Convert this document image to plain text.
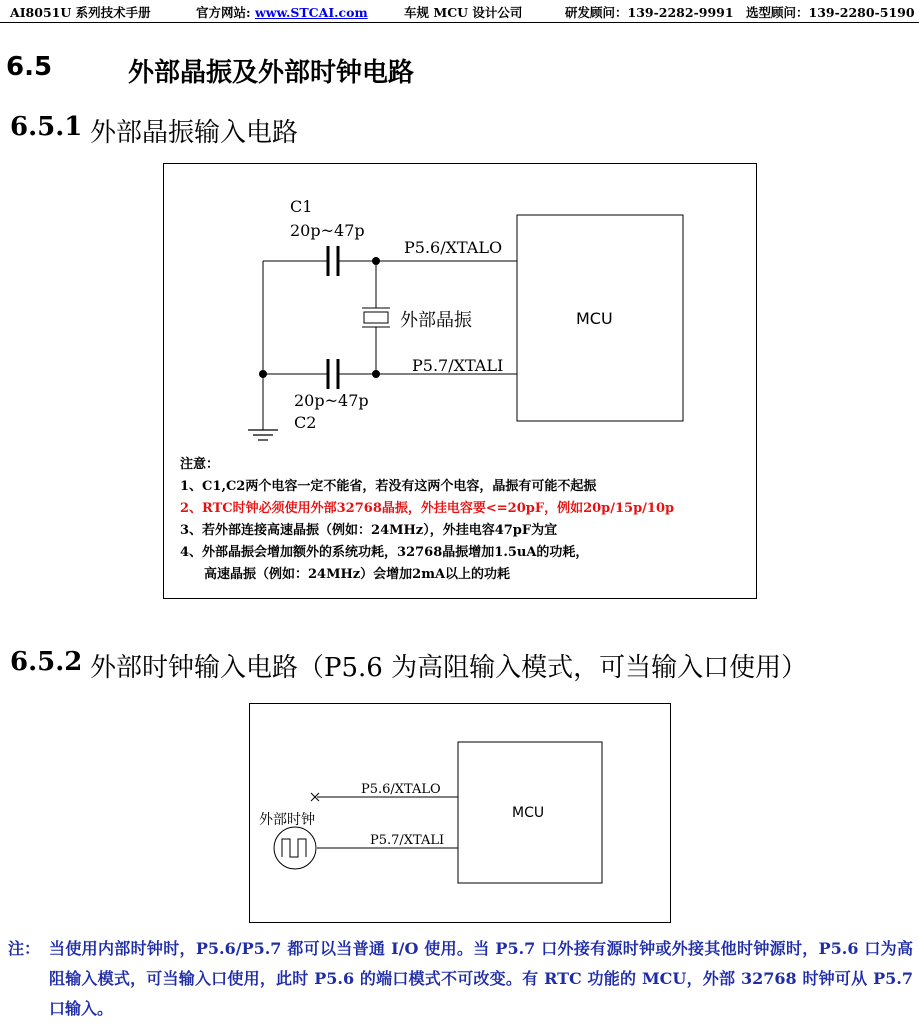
AI8051U 系列技术手册	官方网站: www.STCAI.com	车规 MCU 设计公司	研发顾问：139-2282-9991 选型顾问：139-2280-5190
6.5	外部晶振及外部时钟电路
6.5.1 外部晶振输入电路
C1
20p~47p
P5.6/XTALO
P5.7/XTALI
20p~47p
C2
外部晶振	MCU
注意：
1、C1,C2两个电容一定不能省，若没有这两个电容，晶振有可能不起振
2、RTC时钟必须使用外部32768晶振，外挂电容要<=20pF，例如20p/15p/10p
3、若外部连接高速晶振（例如：24MHz），外挂电容47pF为宜
4、外部晶振会增加额外的系统功耗，32768晶振增加1.5uA的功耗，
高速晶振（例如：24MHz）会增加2mA以上的功耗
6.5.2 外部时钟输入电路（P5.6 为高阻输入模式，可当输入口使用）
P5.6/XTALO
P5.7/XTALI
外部时钟	MCU
注： 当使用内部时钟时，P5.6/P5.7 都可以当普通 I/O 使用。当 P5.7 口外接有源时钟或外接其他时钟源时，P5.6 口为高阻输入模式，可当输入口使用，此时 P5.6 的端口模式不可改变。有 RTC 功能的 MCU，外部 32768 时钟可从 P5.7 口输入。
